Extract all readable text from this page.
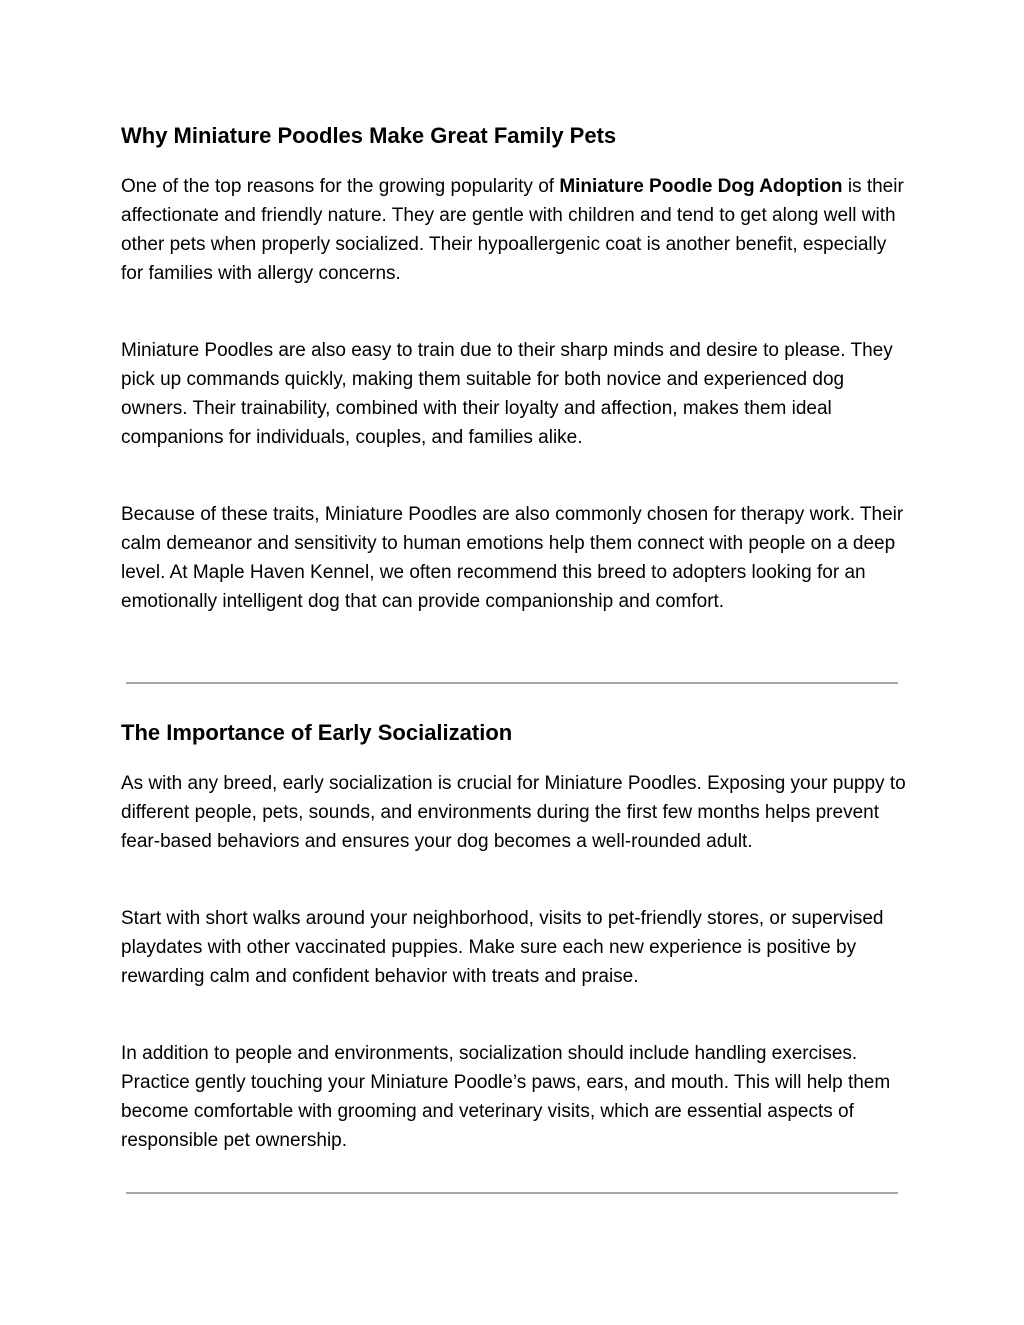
Why Miniature Poodles Make Great Family Pets

One of the top reasons for the growing popularity of Miniature Poodle Dog Adoption is their affectionate and friendly nature. They are gentle with children and tend to get along well with other pets when properly socialized. Their hypoallergenic coat is another benefit, especially for families with allergy concerns.

Miniature Poodles are also easy to train due to their sharp minds and desire to please. They pick up commands quickly, making them suitable for both novice and experienced dog owners. Their trainability, combined with their loyalty and affection, makes them ideal companions for individuals, couples, and families alike.

Because of these traits, Miniature Poodles are also commonly chosen for therapy work. Their calm demeanor and sensitivity to human emotions help them connect with people on a deep level. At Maple Haven Kennel, we often recommend this breed to adopters looking for an emotionally intelligent dog that can provide companionship and comfort.

The Importance of Early Socialization

As with any breed, early socialization is crucial for Miniature Poodles. Exposing your puppy to different people, pets, sounds, and environments during the first few months helps prevent fear-based behaviors and ensures your dog becomes a well-rounded adult.

Start with short walks around your neighborhood, visits to pet-friendly stores, or supervised playdates with other vaccinated puppies. Make sure each new experience is positive by rewarding calm and confident behavior with treats and praise.

In addition to people and environments, socialization should include handling exercises. Practice gently touching your Miniature Poodle’s paws, ears, and mouth. This will help them become comfortable with grooming and veterinary visits, which are essential aspects of responsible pet ownership.
